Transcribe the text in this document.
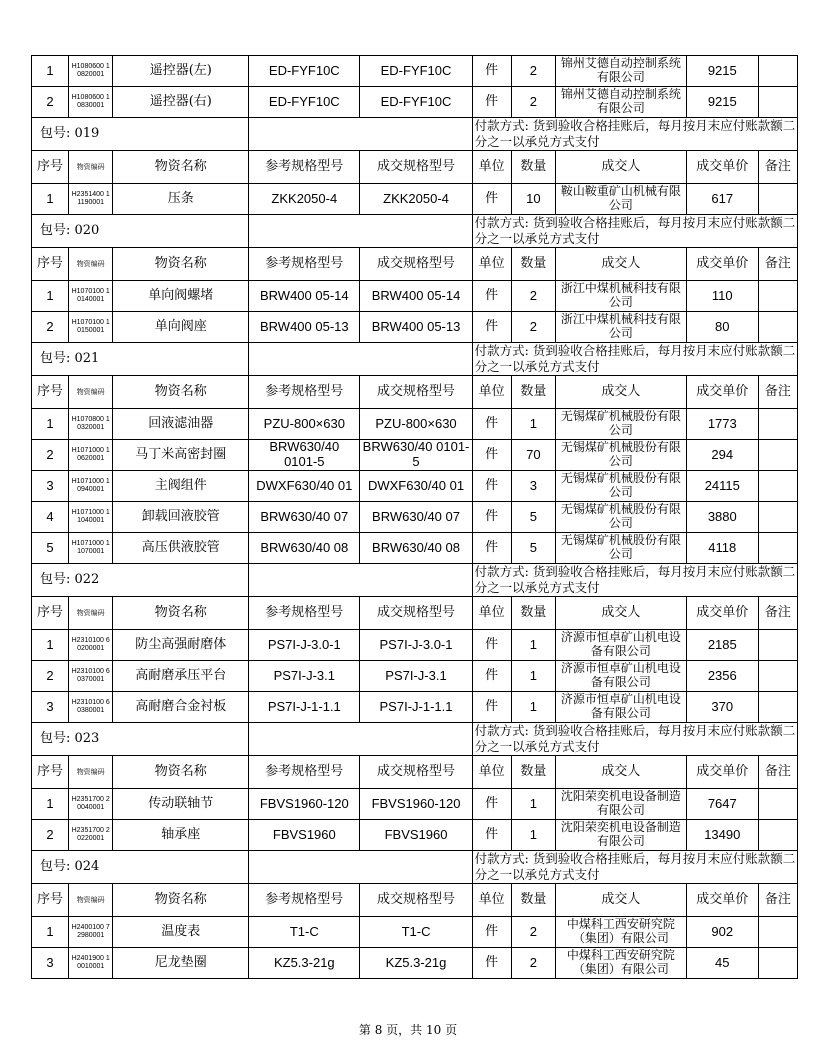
1	H1080600 10820001	遥控器(左)	ED-FYF10C	ED-FYF10C	件	2	锦州艾德自动控制系统有限公司	9215	
2	H1080600 10830001	遥控器(右)	ED-FYF10C	ED-FYF10C	件	2	锦州艾德自动控制系统有限公司	9215	
包号: 019					付款方式: 货到验收合格挂账后，每月按月末应付账款额二分之一以承兑方式支付				
序号	物资编码	物资名称	参考规格型号	成交规格型号	单位	数量	成交人	成交单价	备注
1	H2351400 11190001	压条	ZKK2050-4	ZKK2050-4	件	10	鞍山鞍重矿山机械有限公司	617	
包号: 020					付款方式: 货到验收合格挂账后，每月按月末应付账款额二分之一以承兑方式支付				
序号	物资编码	物资名称	参考规格型号	成交规格型号	单位	数量	成交人	成交单价	备注
1	H1070100 10140001	单向阀螺堵	BRW400 05-14	BRW400 05-14	件	2	浙江中煤机械科技有限公司	110	
2	H1070100 10150001	单向阀座	BRW400 05-13	BRW400 05-13	件	2	浙江中煤机械科技有限公司	80	
包号: 021					付款方式: 货到验收合格挂账后，每月按月末应付账款额二分之一以承兑方式支付				
序号	物资编码	物资名称	参考规格型号	成交规格型号	单位	数量	成交人	成交单价	备注
1	H1070800 10320001	回液滤油器	PZU-800×630	PZU-800×630	件	1	无锡煤矿机械股份有限公司	1773	
2	H1071000 10620001	马丁米高密封圈	BRW630/40 0101-5	BRW630/40 0101-5	件	70	无锡煤矿机械股份有限公司	294	
3	H1071000 10940001	主阀组件	DWXF630/40 01	DWXF630/40 01	件	3	无锡煤矿机械股份有限公司	24115	
4	H1071000 11040001	卸载回液胶管	BRW630/40 07	BRW630/40 07	件	5	无锡煤矿机械股份有限公司	3880	
5	H1071000 11070001	高压供液胶管	BRW630/40 08	BRW630/40 08	件	5	无锡煤矿机械股份有限公司	4118	
包号: 022					付款方式: 货到验收合格挂账后，每月按月末应付账款额二分之一以承兑方式支付				
序号	物资编码	物资名称	参考规格型号	成交规格型号	单位	数量	成交人	成交单价	备注
1	H2310100 60200001	防尘高强耐磨体	PS7I-J-3.0-1	PS7I-J-3.0-1	件	1	济源市恒卓矿山机电设备有限公司	2185	
2	H2310100 60370001	高耐磨承压平台	PS7I-J-3.1	PS7I-J-3.1	件	1	济源市恒卓矿山机电设备有限公司	2356	
3	H2310100 60380001	高耐磨合金衬板	PS7I-J-1-1.1	PS7I-J-1-1.1	件	1	济源市恒卓矿山机电设备有限公司	370	
包号: 023					付款方式: 货到验收合格挂账后，每月按月末应付账款额二分之一以承兑方式支付				
序号	物资编码	物资名称	参考规格型号	成交规格型号	单位	数量	成交人	成交单价	备注
1	H2351700 20040001	传动联轴节	FBVS1960-120	FBVS1960-120	件	1	沈阳荣奕机电设备制造有限公司	7647	
2	H2351700 20220001	轴承座	FBVS1960	FBVS1960	件	1	沈阳荣奕机电设备制造有限公司	13490	
包号: 024					付款方式: 货到验收合格挂账后，每月按月末应付账款额二分之一以承兑方式支付				
序号	物资编码	物资名称	参考规格型号	成交规格型号	单位	数量	成交人	成交单价	备注
1	H2400100 72980001	温度表	T1-C	T1-C	件	2	中煤科工西安研究院（集团）有限公司	902	
3	H2401900 10010001	尼龙垫圈	KZ5.3-21g	KZ5.3-21g	件	2	中煤科工西安研究院（集团）有限公司	45	
第 8 页，共 10 页
